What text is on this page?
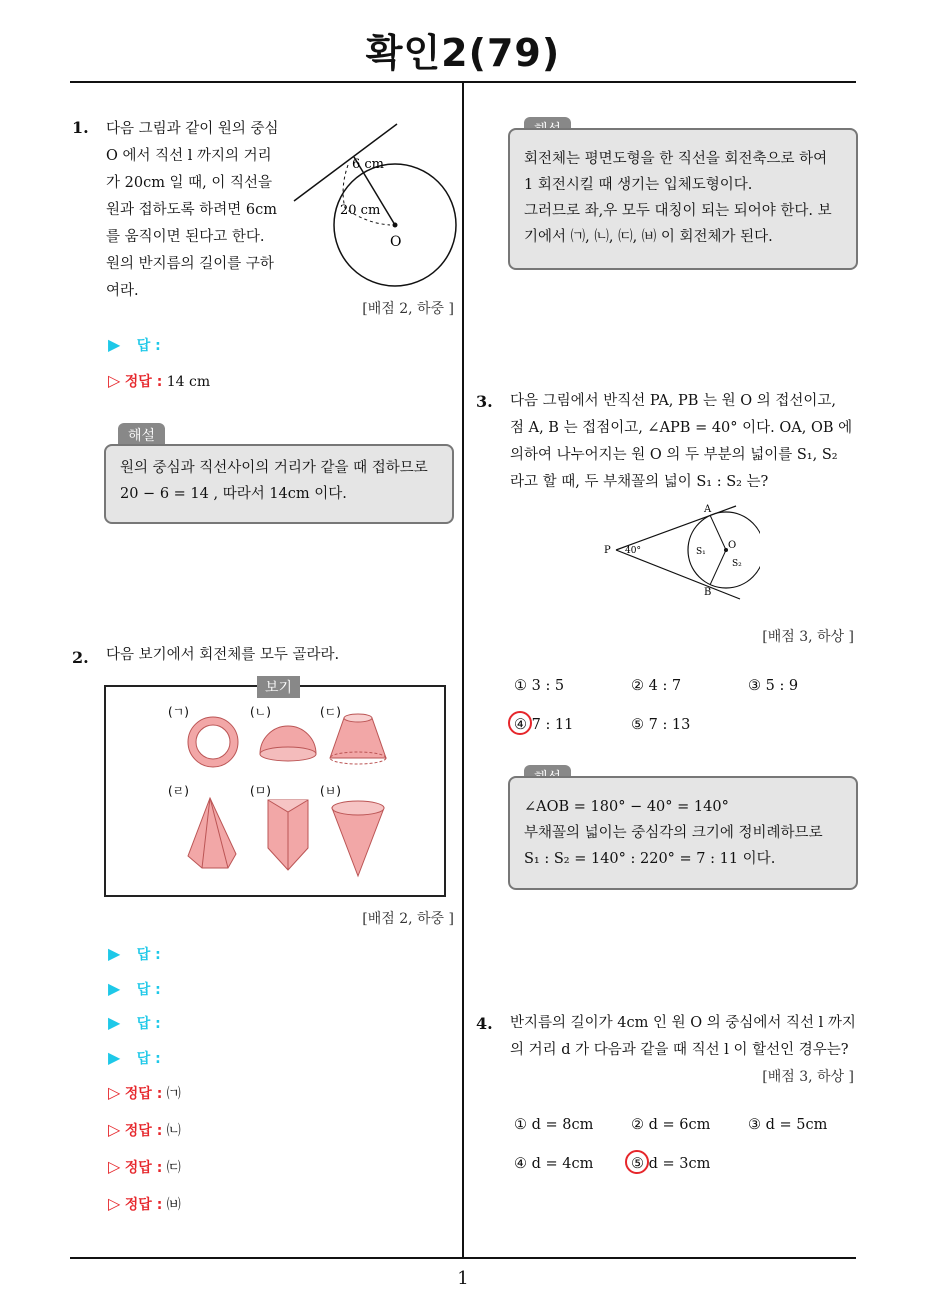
확인2(79)
1
1. 다음 그림과 같이 원의 중심
O 에서 직선 l 까지의 거리
가 20cm 일 때, 이 직선을
원과 접하도록 하려면 6cm
를 움직이면 된다고 한다.
원의 반지름의 길이를 구하
여라.
6 cm
20 cm
O
[배점 2, 하중 ]
▶ 답 :
▷ 정답 : 14 cm
해설
원의 중심과 직선사이의 거리가 같을 때 접하므로
20 − 6 = 14 , 따라서 14cm 이다.
2. 다음 보기에서 회전체를 모두 골라라.
보기
(ㄱ)	(ㄴ)	(ㄷ)
(ㄹ)	(ㅁ)	(ㅂ)
[배점 2, 하중 ]
▶ 답 :
▶ 답 :
▶ 답 :
▶ 답 :
▷ 정답 : ㈀
▷ 정답 : ㈁
▷ 정답 : ㈂
▷ 정답 : ㈅
회전체는 평면도형을 한 직선을 회전축으로 하여
1 회전시킬 때 생기는 입체도형이다.
그러므로 좌,우 모두 대칭이 되는 되어야 한다. 보
기에서 ㈀, ㈁, ㈂, ㈅ 이 회전체가 된다.
3. 다음 그림에서 반직선 PA, PB 는 원 O 의 접선이고,
점 A, B 는 접점이고, ∠APB = 40° 이다. OA, OB 에
의하여 나누어지는 원 O 의 두 부분의 넓이를 S₁, S₂
라고 할 때, 두 부채꼴의 넓이 S₁ : S₂ 는?
P
A
B
O
40°	S₁
S₂
[배점 3, 하상 ]
① 3 : 5	② 4 : 7	③ 5 : 9
④ 7 : 11	⑤ 7 : 13
∠AOB = 180° − 40° = 140°
부채꼴의 넓이는 중심각의 크기에 정비례하므로
S₁ : S₂ = 140° : 220° = 7 : 11 이다.
4. 반지름의 길이가 4cm 인 원 O 의 중심에서 직선 l 까지
의 거리 d 가 다음과 같을 때 직선 l 이 할선인 경우는?
[배점 3, 하상 ]
① d = 8cm	② d = 6cm	③ d = 5cm
④ d = 4cm	⑤ d = 3cm
